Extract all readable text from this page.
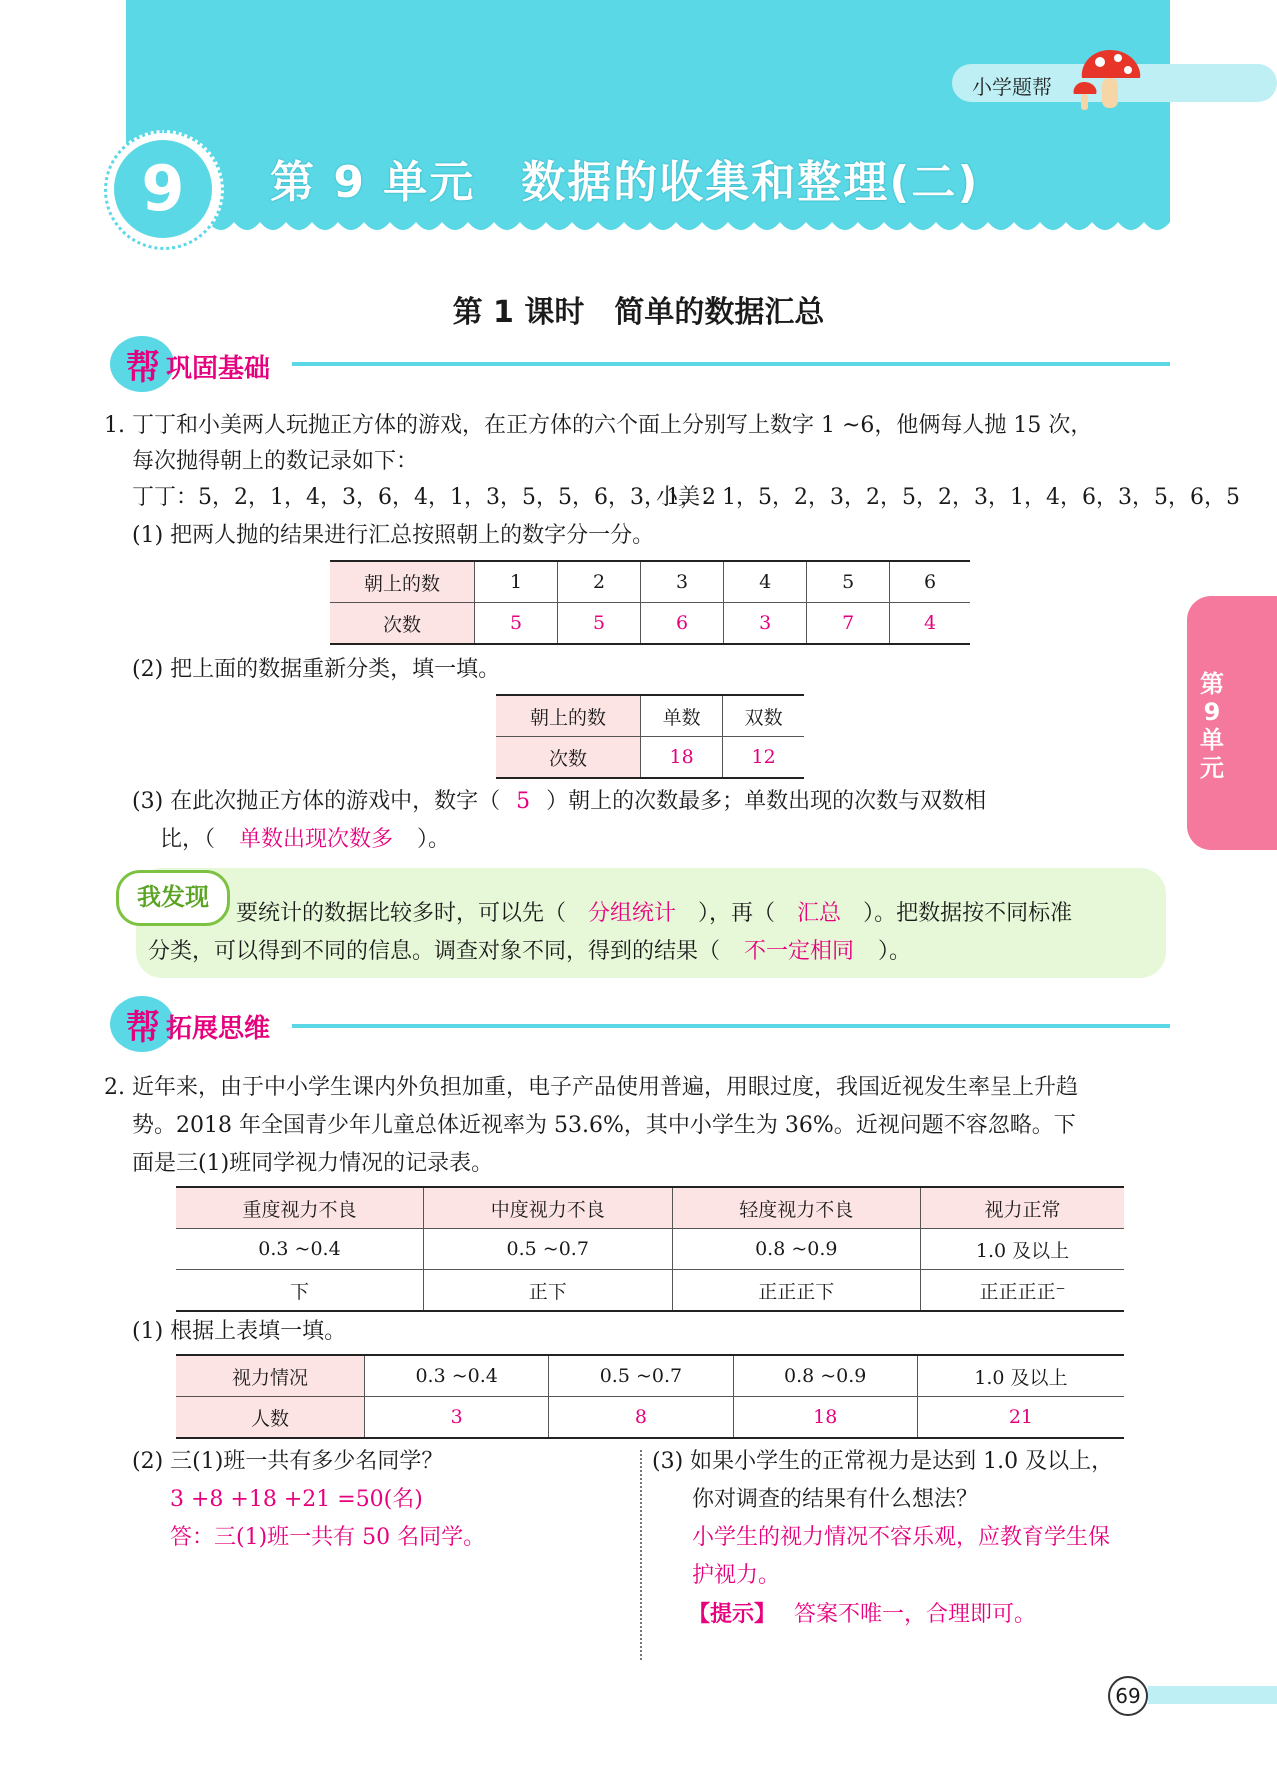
小学题帮
9	第 9 单元　数据的收集和整理(二)
第 1 课时　简单的数据汇总
帮 巩固基础
1. 丁丁和小美两人玩抛正方体的游戏，在正方体的六个面上分别写上数字 1 ~6，他俩每人抛 15 次，
每次抛得朝上的数记录如下：
丁丁：5，2，1，4，3，6，4，1，3，5，5，6，3，1，2
小美：1，5，2，3，2，5，2，3，1，4，6，3，5，6，5
(1) 把两人抛的结果进行汇总按照朝上的数字分一分。
朝上的数	1	2	3	4	5	6
次数	5	5	6	3	7	4
(2) 把上面的数据重新分类，填一填。
朝上的数	单数	双数
次数	18	12
(3) 在此次抛正方体的游戏中，数字（ 5 ）朝上的次数最多；单数出现的次数与双数相
比，（ 单数出现次数多 ）。
我发现
要统计的数据比较多时，可以先（ 分组统计 ），再（ 汇总 ）。把数据按不同标准
分类，可以得到不同的信息。调查对象不同，得到的结果（ 不一定相同 ）。
帮 拓展思维
2. 近年来，由于中小学生课内外负担加重，电子产品使用普遍，用眼过度，我国近视发生率呈上升趋
势。2018 年全国青少年儿童总体近视率为 53.6%，其中小学生为 36%。近视问题不容忽略。下
面是三(1)班同学视力情况的记录表。
重度视力不良	中度视力不良	轻度视力不良	视力正常
0.3 ~0.4	0.5 ~0.7	0.8 ~0.9	1.0 及以上
下	正下	正正正下	正正正正⁻
(1) 根据上表填一填。
视力情况	0.3 ~0.4	0.5 ~0.7	0.8 ~0.9	1.0 及以上
人数	3	8	18	21
(2) 三(1)班一共有多少名同学？
3 +8 +18 +21 =50(名)
答：三(1)班一共有 50 名同学。
(3) 如果小学生的正常视力是达到 1.0 及以上，
你对调查的结果有什么想法？
小学生的视力情况不容乐观，应教育学生保
护视力。
【提示】 答案不唯一，合理即可。
第9单元
69
